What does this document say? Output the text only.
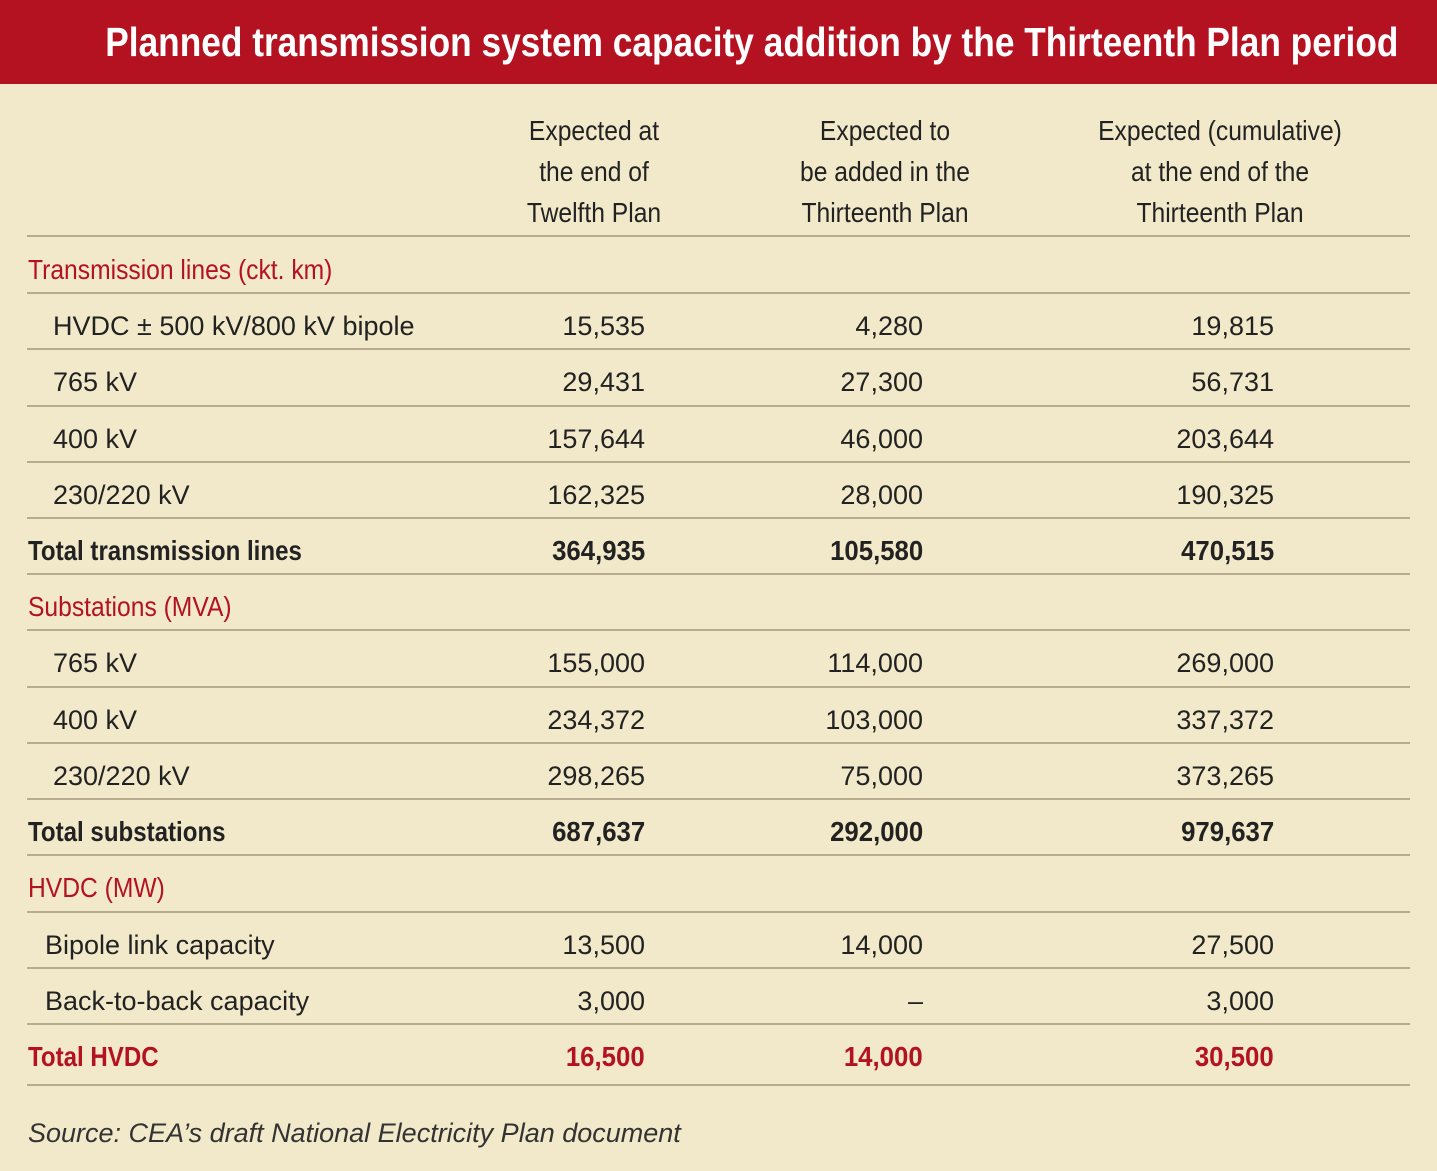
Planned transmission system capacity addition by the Thirteenth Plan period
Expected at
the end of
Twelfth Plan
Expected to
be added in the
Thirteenth Plan
Expected (cumulative)
at the end of the
Thirteenth Plan
Transmission lines (ckt. km)
HVDC ± 500 kV/800 kV bipole	15,535	4,280	19,815
765 kV	29,431	27,300	56,731
400 kV	157,644	46,000	203,644
230/220 kV	162,325	28,000	190,325
Total transmission lines	364,935	105,580	470,515
Substations (MVA)
765 kV	155,000	114,000	269,000
400 kV	234,372	103,000	337,372
230/220 kV	298,265	75,000	373,265
Total substations	687,637	292,000	979,637
HVDC (MW)
Bipole link capacity	13,500	14,000	27,500
Back-to-back capacity	3,000	–	3,000
Total HVDC	16,500	14,000	30,500
Source: CEA’s draft National Electricity Plan document
